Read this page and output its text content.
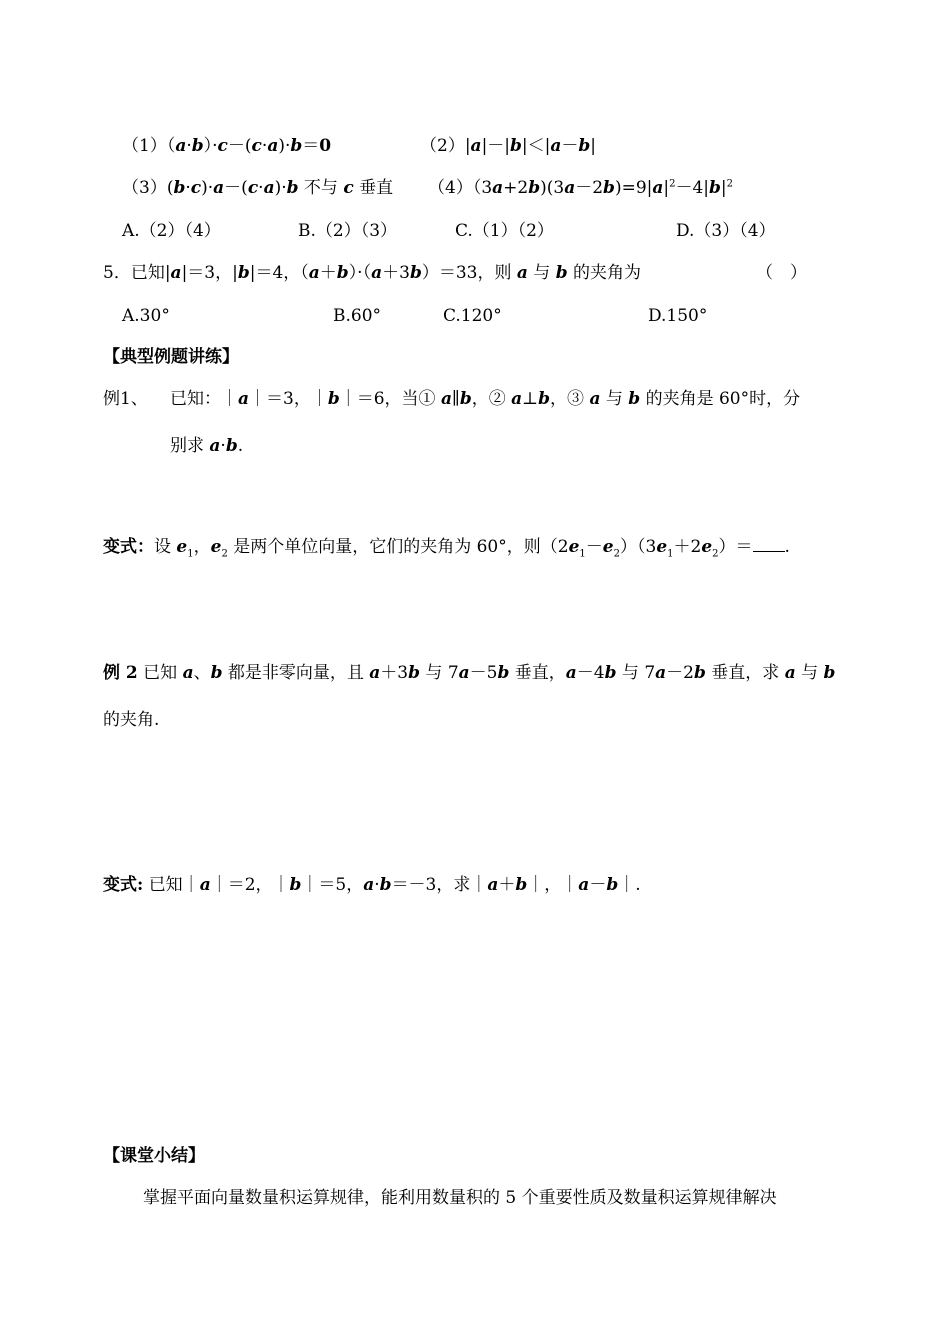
（1）（a·b）·c－(c·a)·b＝0	（2）|a|－|b|＜|a－b|
（3）(b·c)·a－(c·a)·b 不与 c 垂直 $(4)(3a+2b)(3a-2b)=9|a|^2-4|b|^2$
A.（2）（4）	B.（2）（3）	C.（1）（2）	D.（3）（4）
5．已知|a|＝3，|b|＝4，（a＋b）·（a＋3b）＝33，则 a 与 b 的夹角为	（　）
A.30°	B.60°	C.120°	D.150°
【典型例题讲练】
例1、 已知：｜a｜＝3，｜b｜＝6，当① a∥b，② a⊥b，③ a 与 b 的夹角是 60°时，分
别求 a·b.
变式：设 $e_1$，$e_2$ 是两个单位向量，它们的夹角为 60°，则$(2e_1-e_2)(3e_1+2e_2)=$ .
例 2 已知 a、b 都是非零向量，且 a＋3b 与 7a－5b 垂直，a－4b 与 7a－2b 垂直，求 a 与 b
的夹角.
变式: 已知｜a｜＝2，｜b｜＝5，a·b＝－3，求｜a＋b｜，｜a－b｜.
【课堂小结】
掌握平面向量数量积运算规律，能利用数量积的 5 个重要性质及数量积运算规律解决
